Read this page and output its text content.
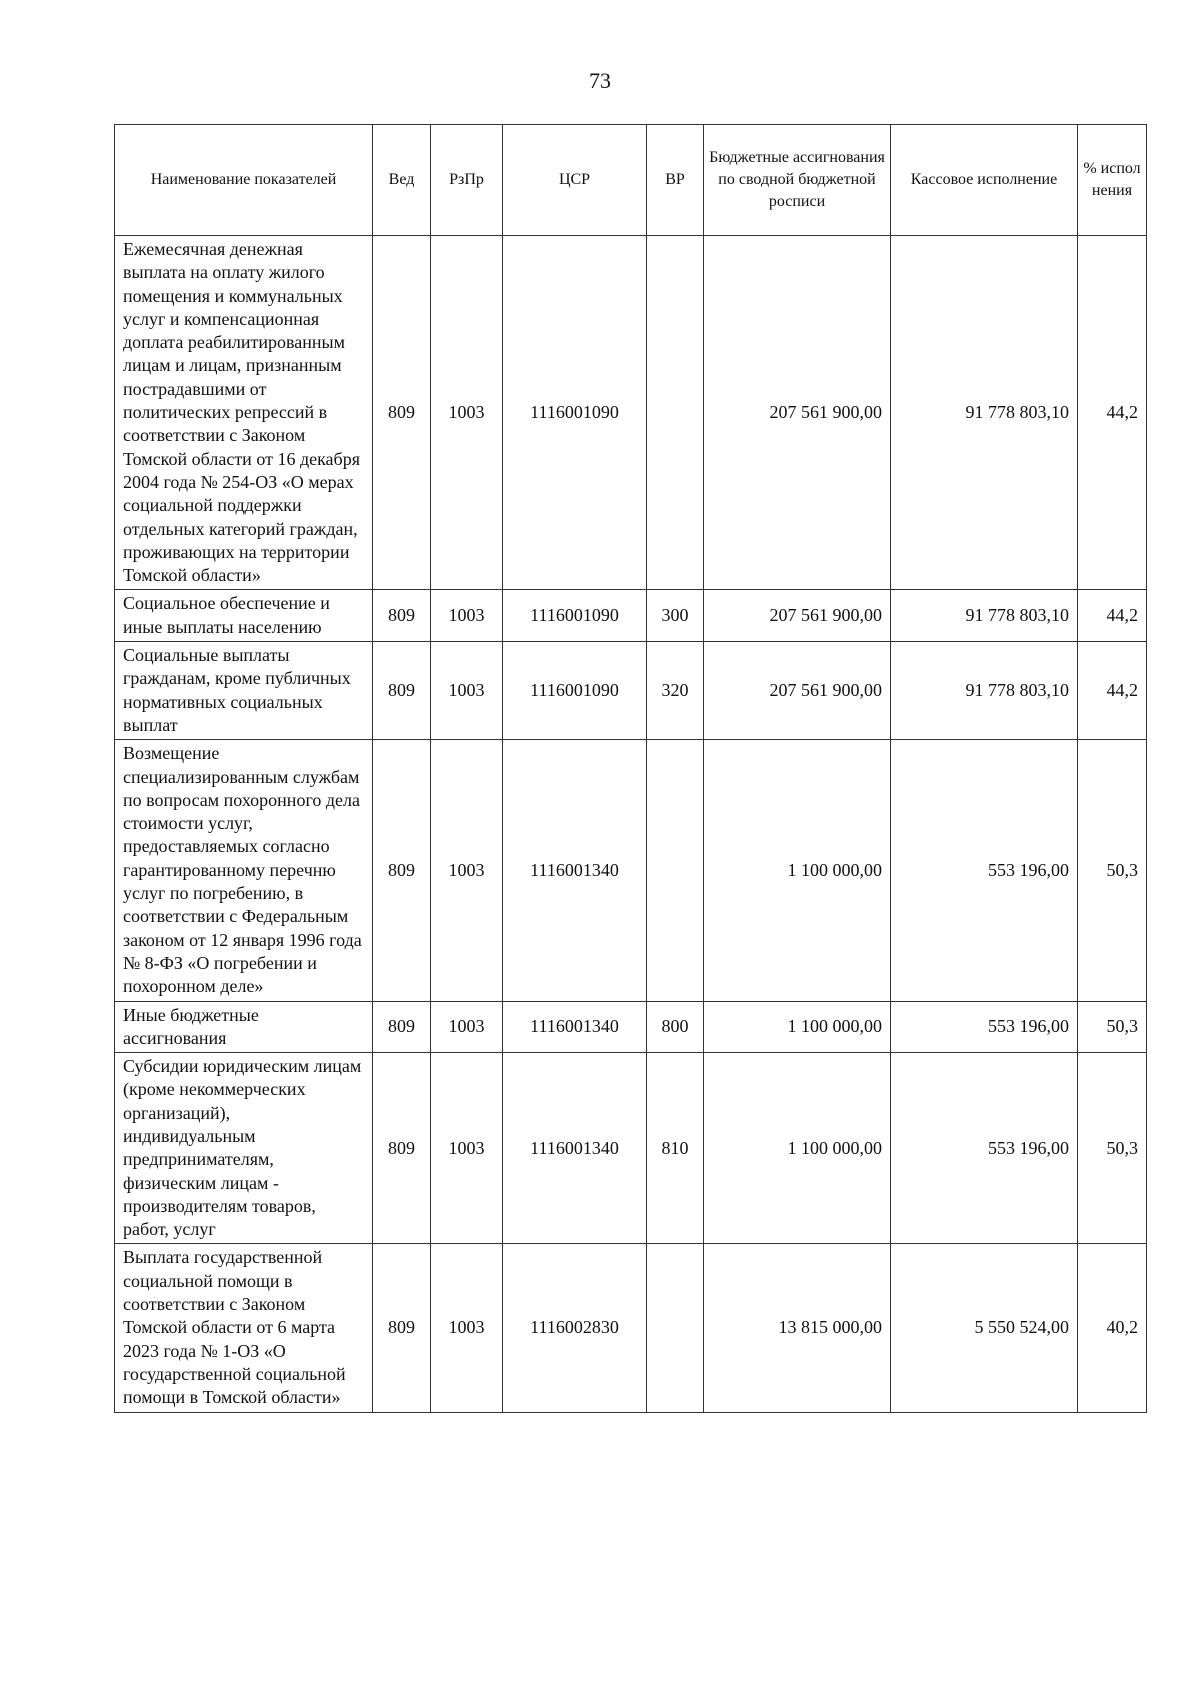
73
Наименование показателей	Вед	РзПр	ЦСР	ВР	Бюджетные ассигнования по сводной бюджетной росписи	Кассовое исполнение	% испол нения
Ежемесячная денежная выплата на оплату жилого помещения и коммунальных услуг и компенсационная доплата реабилитированным лицам и лицам, признанным пострадавшими от политических репрессий в соответствии с Законом Томской области от 16 декабря 2004 года № 254-ОЗ «О мерах социальной поддержки отдельных категорий граждан, проживающих на территории Томской области»	809	1003	1116001090		207 561 900,00	91 778 803,10	44,2
Социальное обеспечение и иные выплаты населению	809	1003	1116001090	300	207 561 900,00	91 778 803,10	44,2
Социальные выплаты гражданам, кроме публичных нормативных социальных выплат	809	1003	1116001090	320	207 561 900,00	91 778 803,10	44,2
Возмещение специализированным службам по вопросам похоронного дела стоимости услуг, предоставляемых согласно гарантированному перечню услуг по погребению, в соответствии с Федеральным законом от 12 января 1996 года № 8-ФЗ «О погребении и похоронном деле»	809	1003	1116001340		1 100 000,00	553 196,00	50,3
Иные бюджетные ассигнования	809	1003	1116001340	800	1 100 000,00	553 196,00	50,3
Субсидии юридическим лицам (кроме некоммерческих организаций), индивидуальным предпринимателям, физическим лицам - производителям товаров, работ, услуг	809	1003	1116001340	810	1 100 000,00	553 196,00	50,3
Выплата государственной социальной помощи в соответствии с Законом Томской области от 6 марта 2023 года № 1-ОЗ «О государственной социальной помощи в Томской области»	809	1003	1116002830		13 815 000,00	5 550 524,00	40,2
